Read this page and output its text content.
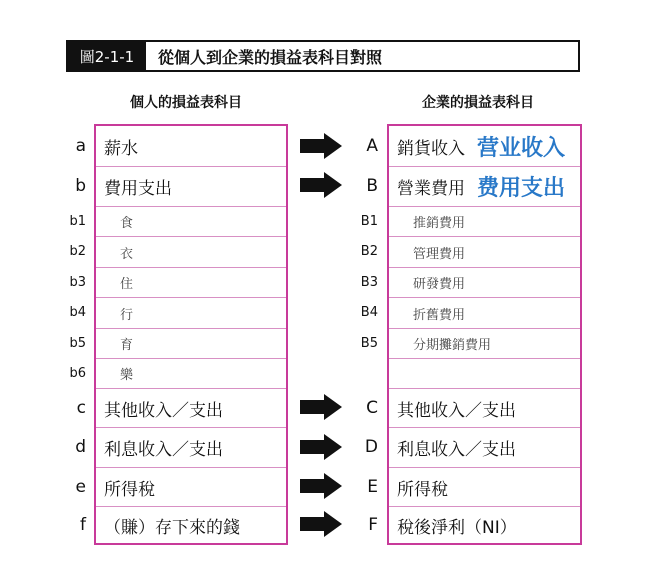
圖2-1-1	從個人到企業的損益表科目對照
個人的損益表科目	企業的損益表科目
薪水
費用支出
食
衣
住
行
育
樂
其他收入／支出
利息收入／支出
所得稅
（賺）存下來的錢
a
b
b1
b2
b3
b4
b5
b6
c
d
e
f
A
B
B1
B2
B3
B4
B5
C
D
E
F
銷貨收入 营业收入
營業費用 费用支出
推銷費用
管理費用
研發費用
折舊費用
分期攤銷費用
其他收入／支出
利息收入／支出
所得稅
稅後淨利（NI）
